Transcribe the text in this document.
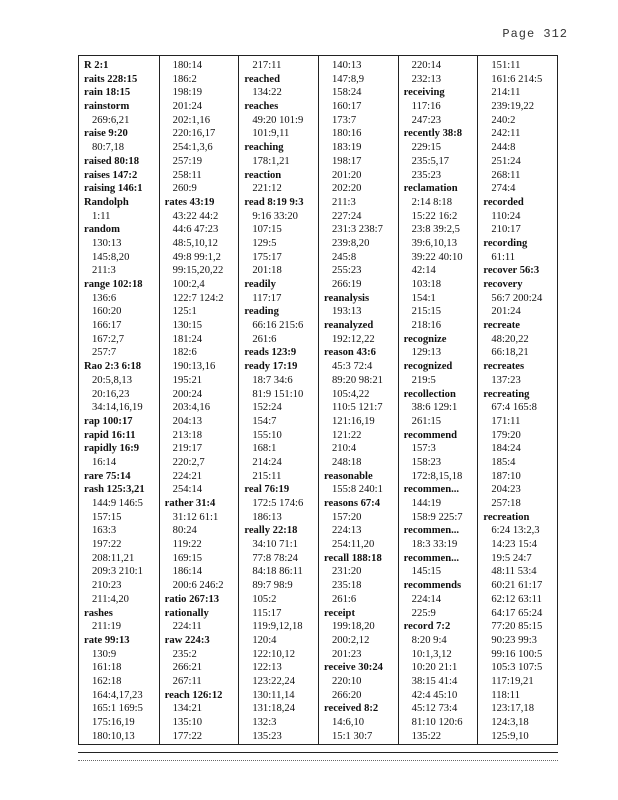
Page 312
R 2:1
raits 228:15
rain 18:15
rainstorm
269:6,21
raise 9:20
80:7,18
raised 80:18
raises 147:2
raising 146:1
Randolph
1:11
random
130:13
145:8,20
211:3
range 102:18
136:6
160:20
166:17
167:2,7
257:7
Rao 2:3 6:18
20:5,8,13
20:16,23
34:14,16,19
rap 100:17
rapid 16:11
rapidly 16:9
16:14
rare 75:14
rash 125:3,21
144:9 146:5
157:15
163:3
197:22
208:11,21
209:3 210:1
210:23
211:4,20
rashes
211:19
rate 99:13
130:9
161:18
162:18
164:4,17,23
165:1 169:5
175:16,19
180:10,13
180:14
186:2
198:19
201:24
202:1,16
220:16,17
254:1,3,6
257:19
258:11
260:9
rates 43:19
43:22 44:2
44:6 47:23
48:5,10,12
49:8 99:1,2
99:15,20,22
100:2,4
122:7 124:2
125:1
130:15
181:24
182:6
190:13,16
195:21
200:24
203:4,16
204:13
213:18
219:17
220:2,7
224:21
254:14
rather 31:4
31:12 61:1
80:24
119:22
169:15
186:14
200:6 246:2
ratio 267:13
rationally
224:11
raw 224:3
235:2
266:21
267:11
reach 126:12
134:21
135:10
177:22
217:11
reached
134:22
reaches
49:20 101:9
101:9,11
reaching
178:1,21
reaction
221:12
read 8:19 9:3
9:16 33:20
107:15
129:5
175:17
201:18
readily
117:17
reading
66:16 215:6
261:6
reads 123:9
ready 17:19
18:7 34:6
81:9 151:10
152:24
154:7
155:10
168:1
214:24
215:11
real 76:19
172:5 174:6
186:13
really 22:18
34:10 71:1
77:8 78:24
84:18 86:11
89:7 98:9
105:2
115:17
119:9,12,18
120:4
122:10,12
122:13
123:22,24
130:11,14
131:18,24
132:3
135:23
140:13
147:8,9
158:24
160:17
173:7
180:16
183:19
198:17
201:20
202:20
211:3
227:24
231:3 238:7
239:8,20
245:8
255:23
266:19
reanalysis
193:13
reanalyzed
192:12,22
reason 43:6
45:3 72:4
89:20 98:21
105:4,22
110:5 121:7
121:16,19
121:22
210:4
248:18
reasonable
155:8 240:1
reasons 67:4
157:20
224:13
254:11,20
recall 188:18
231:20
235:18
261:6
receipt
199:18,20
200:2,12
201:23
receive 30:24
220:10
266:20
received 8:2
14:6,10
15:1 30:7
220:14
232:13
receiving
117:16
247:23
recently 38:8
229:15
235:5,17
235:23
reclamation
2:14 8:18
15:22 16:2
23:8 39:2,5
39:6,10,13
39:22 40:10
42:14
103:18
154:1
215:15
218:16
recognize
129:13
recognized
219:5
recollection
38:6 129:1
261:15
recommend
157:3
158:23
172:8,15,18
recommen...
144:19
158:9 225:7
recommen...
18:3 33:19
recommen...
145:15
recommends
224:14
225:9
record 7:2
8:20 9:4
10:1,3,12
10:20 21:1
38:15 41:4
42:4 45:10
45:12 73:4
81:10 120:6
135:22
151:11
161:6 214:5
214:11
239:19,22
240:2
242:11
244:8
251:24
268:11
274:4
recorded
110:24
210:17
recording
61:11
recover 56:3
recovery
56:7 200:24
201:24
recreate
48:20,22
66:18,21
recreates
137:23
recreating
67:4 165:8
171:11
179:20
184:24
185:4
187:10
204:23
257:18
recreation
6:24 13:2,3
14:23 15:4
19:5 24:7
48:11 53:4
60:21 61:17
62:12 63:11
64:17 65:24
77:20 85:15
90:23 99:3
99:16 100:5
105:3 107:5
117:19,21
118:11
123:17,18
124:3,18
125:9,10
